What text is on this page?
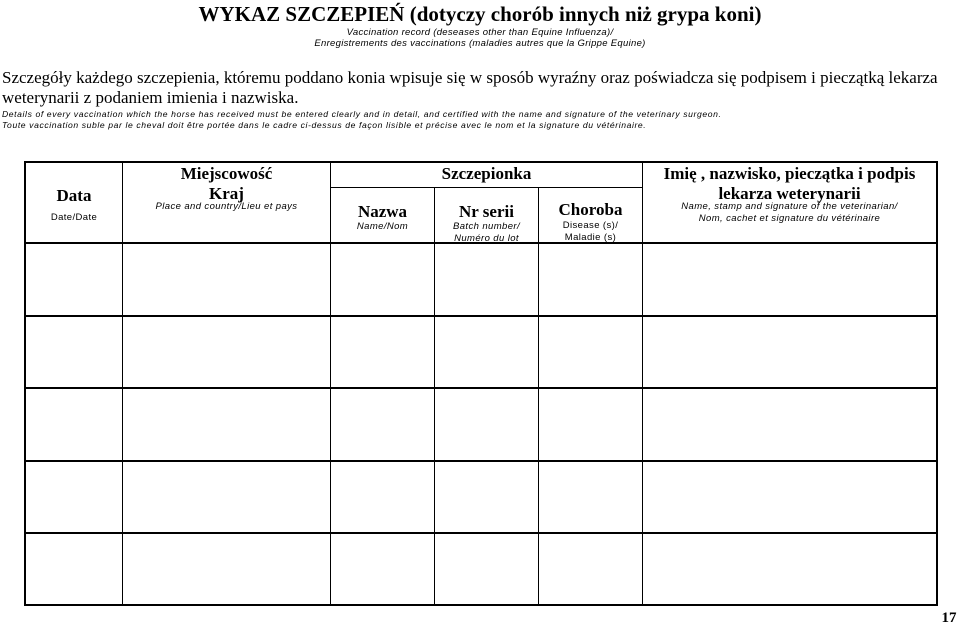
WYKAZ SZCZEPIEŃ (dotyczy chorób innych niż grypa koni)
Vaccination record (deseases other than Equine Influenza)/
Enregistrements des vaccinations (maladies autres que la Grippe Equine)
Szczegóły każdego szczepienia, któremu poddano konia wpisuje się w sposób wyraźny oraz poświadcza się podpisem i pieczątką lekarza weterynarii z podaniem imienia i nazwiska.
Details of every vaccination which the horse has received must be entered clearly and in detail, and certified with the name and signature of the veterinary surgeon.
Toute vaccination suble par le cheval doit être portée dans le cadre ci-dessus de façon lisible et précise avec le nom et la signature du vétérinaire.
Data
Date/Date
Miejscowość
Kraj
Place and country/Lieu et pays
Szczepionka
Nazwa
Name/Nom
Nr serii
Batch number/
Numéro du lot
Choroba
Disease (s)/
Maladie (s)
Imię , nazwisko, pieczątka i podpis
lekarza weterynarii
Name, stamp and signature of the veterinarian/
Nom, cachet et signature du vétérinaire
17
